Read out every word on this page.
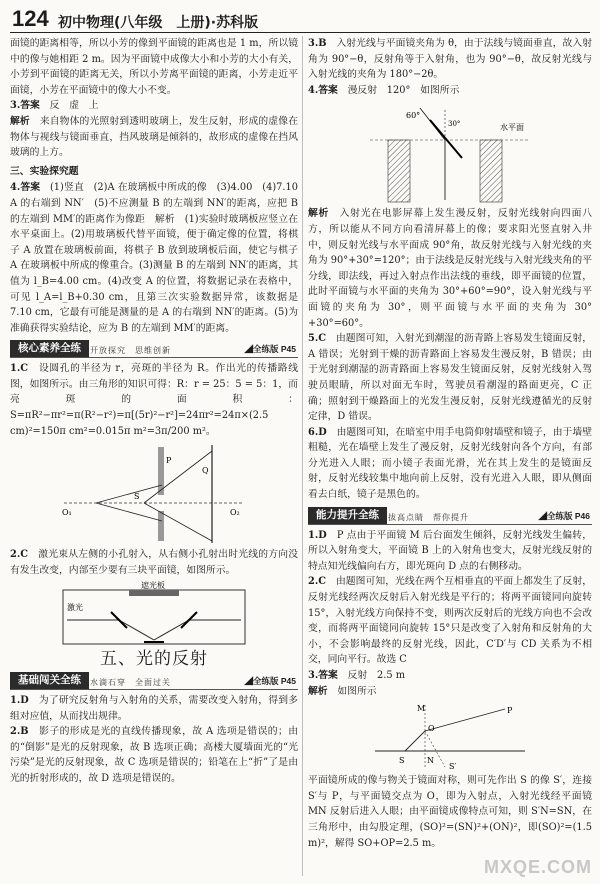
124 初中物理(八年级　上册)·苏科版

面镜的距离相等，所以小芳的像到平面镜的距离也是 1 m，所以镜中的像与她相距 2 m。因为平面镜中成像大小和小芳的大小有关，小芳到平面镜的距离无关，所以小芳离平面镜的距离，小芳走近平面镜，小芳在平面镜中的像大小不变。

3.答案　 反　虚　上

解析　 来自物体的光照射到透明玻璃上，发生反射，形成的虚像在物体与视线与镜面垂直，挡风玻璃是倾斜的，故形成的虚像在挡风玻璃的上方。

三、实验探究题

4.答案　 (1)竖直　(2)A 在玻璃板中所成的像　(3)4.00　(4)7.10　A 的右端到 NN′　(5)不应测量 B 的左端到 NN′的距离，应把 B 的左端到 MM′的距离作为像距　解析　(1)实验时玻璃板应竖立在水平桌面上。(2)用玻璃板代替平面镜，便于确定像的位置，将棋子 A 放置在玻璃板前面，将棋子 B 放到玻璃板后面，使它与棋子 A 在玻璃板中所成的像重合。(3)测量 B 的左端到 NN′的距离，其值为 l_B=4.00 cm。(4)改变 A 的位置，将数据记录在表格中，可见 l_A=l_B+0.30 cm，且第三次实验数据异常，该数据是 7.10 cm，它最有可能是测量的是 A 的右端到 NN′的距离。(5)为准确获得实验结论，应为 B 的左端到 MM′的距离。

核心素养全练	开放探究　思维创新	◢全练版 P45

1.C　 设圆孔的半径为 r，亮斑的半径为 R。作出光的传播路线图，如图所示。由三角形的知识可得：R：r = 25：5 = 5：1，而亮斑的面积：S=πR²−πr²=π(R²−r²)=π[(5r)²−r²]=24πr²=24π×(2.5 cm)²=150π cm²=0.015π m²=3π/200 m²。

P
Q
S
O₁	O₂

2.C　 激光束从左侧的小孔射入，从右侧小孔射出时光线的方向没有发生改变，内部至少要有三块平面镜，如图所示。

遮光板
激光
五、光的反射
基础闯关全练	水滴石穿　全面过关	◢全练版 P45

1.D　 为了研究反射角与入射角的关系，需要改变入射角，得到多组对应值，从而找出规律。

2.B　 影子的形成是光的直线传播现象，故 A 选项是错误的；由的“倒影”是光的反射现象，故 B 选项正确；高楼大厦墙面光的“光污染”是光的反射现象，故 C 选项是错误的；铅笔在上“折”了是由光的折射形成的，故 D 选项是错误的。

3.B　 入射光线与平面镜夹角为 θ，由于法线与镜面垂直，故入射角为 90°−θ，反射角等于入射角，也为 90°−θ，故反射光线与入射光线的夹角为 180°−2θ。

4.答案　 漫反射　120°　如图所示

60°
30°	水平面

解析　 入射光在电影屏幕上发生漫反射，反射光线射向四面八方，所以能从不同方向看清屏幕上的像；要求阳光竖直射入井中，则反射光线与水平面成 90°角，故反射光线与入射光线的夹角为 90°+30°=120°；由于法线是反射光线与入射光线夹角的平分线，即法线，再过入射点作出法线的垂线，即平面镜的位置，此时平面镜与水平面的夹角为 30°+60°=90°，设入射光线与平面镜的夹角为 30°，则平面镜与水平面的夹角为 30°+30°=60°。

5.C　 由题图可知，入射光到潮湿的沥青路上容易发生镜面反射，A 错误；光射到干燥的沥青路面上容易发生漫反射，B 错误；由于光射到潮湿的沥青路面上容易发生镜面反射，反射光线射入驾驶员眼睛，所以对面无车时，驾驶员看潮湿的路面更亮，C 正确；照射到干燥路面上的光发生漫反射，反射光线遵循光的反射定律，D 错误。

6.D　 由题图可知，在暗室中用手电筒仰射墙壁和镜子，由于墙壁粗糙，光在墙壁上发生了漫反射，反射光线射向各个方向，有部分光进入人眼；而小镜子表面光滑，光在其上发生的是镜面反射，反射光线较集中地向前上反射，没有光进入人眼，即从侧面看去白纸，镜子是黑色的。

能力提升全练	拔高点睛　帮你提升	◢全练版 P46

1.D　 P 点由于平面镜 M 后台面发生倾斜，反射光线发生偏转，所以入射角变大，平面镜 B 上的入射角也变大，反射光线反射的特点知光线偏向右方，即光斑向 D 点的右侧移动。

2.C　 由题图可知，光线在两个互相垂直的平面上都发生了反射，反射光线经两次反射后入射光线是平行的；将两平面镜同向旋转 15°，入射光线方向保持不变，则两次反射后的光线方向也不会改变，而将两平面镜同向旋转 15°只是改变了入射角和反射角的大小，不会影响最终的反射光线，因此，C′D′与 CD 关系为不相交，同向平行。故选 C

3.答案　 反射　2.5 m

解析　 如图所示

M	P
O
S	N
S′

平面镜所成的像与物关于镜面对称，则可先作出 S 的像 S′，连接 S′与 P，与平面镜交点为 O，即为入射点，入射光线经平面镜 MN 反射后进入人眼；由平面镜成像特点可知，则 S′N=SN，在三角形中，由勾股定理，(SO)²=(SN)²+(ON)²，即(SO)²=(1.5 m)²，解得 SO+OP=2.5 m。

MXQE.COM
